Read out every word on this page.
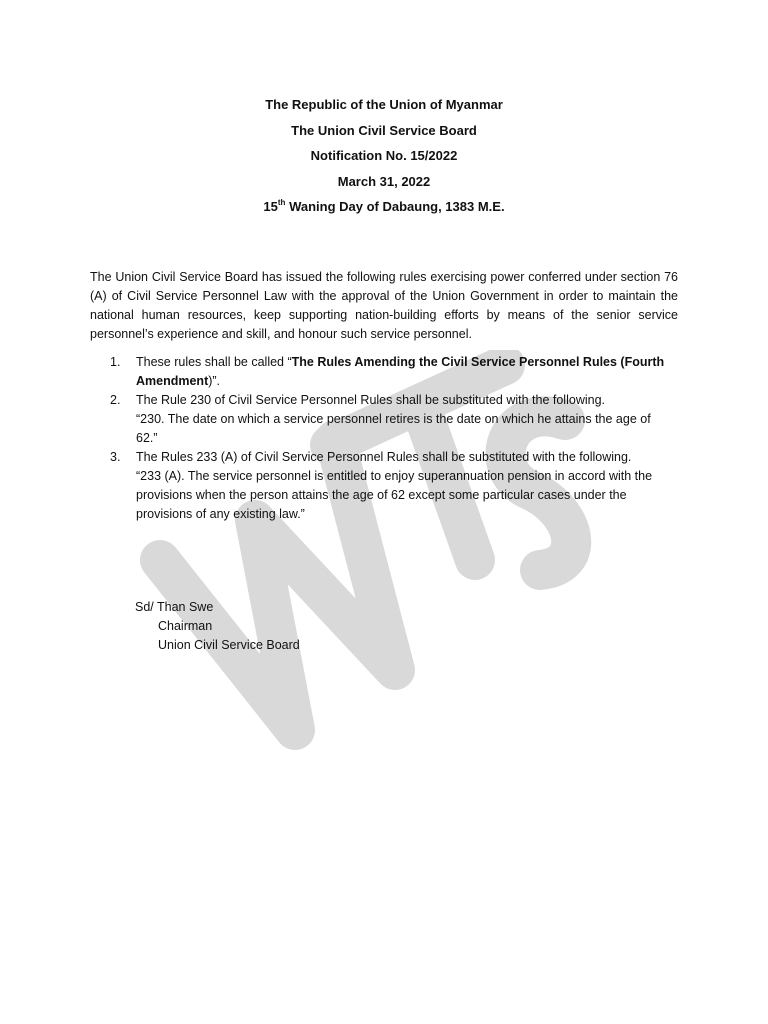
The Republic of the Union of Myanmar
The Union Civil Service Board
Notification No. 15/2022
March 31, 2022
15th Waning Day of Dabaung, 1383 M.E.

The Union Civil Service Board has issued the following rules exercising power conferred under section 76 (A) of Civil Service Personnel Law with the approval of the Union Government in order to maintain the national human resources, keep supporting nation-building efforts by means of the senior service personnel’s experience and skill, and honour such service personnel.

1. These rules shall be called “The Rules Amending the Civil Service Personnel Rules (Fourth Amendment)”.
2. The Rule 230 of Civil Service Personnel Rules shall be substituted with the following.
“230. The date on which a service personnel retires is the date on which he attains the age of 62.”
3. The Rules 233 (A) of Civil Service Personnel Rules shall be substituted with the following.
“233 (A). The service personnel is entitled to enjoy superannuation pension in accord with the provisions when the person attains the age of 62 except some particular cases under the provisions of any existing law.”
Sd/ Than Swe
Chairman
Union Civil Service Board
